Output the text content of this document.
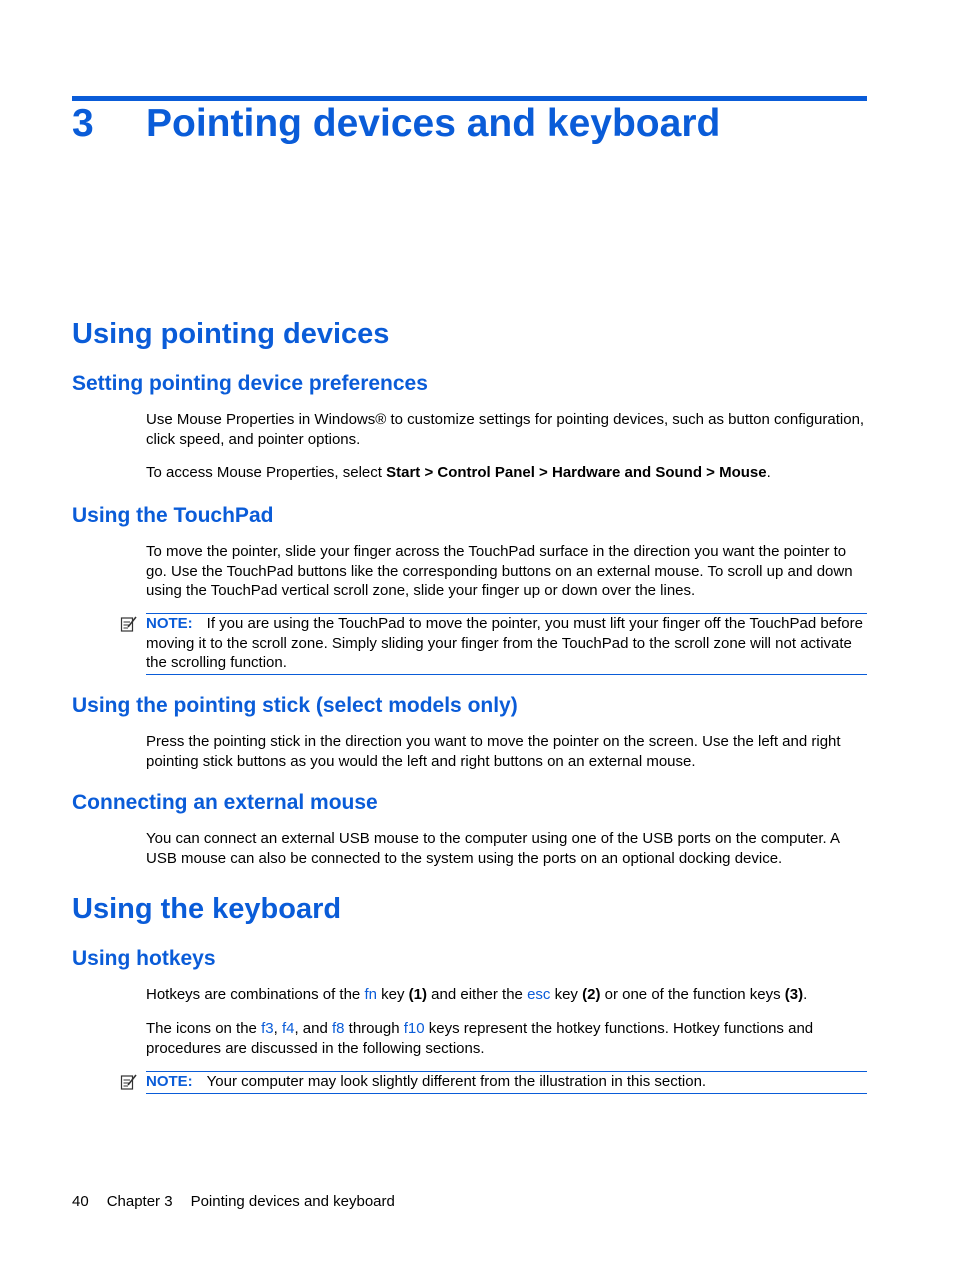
3 Pointing devices and keyboard
Using pointing devices
Setting pointing device preferences
Use Mouse Properties in Windows® to customize settings for pointing devices, such as button configuration, click speed, and pointer options.
To access Mouse Properties, select Start > Control Panel > Hardware and Sound > Mouse.
Using the TouchPad
To move the pointer, slide your finger across the TouchPad surface in the direction you want the pointer to go. Use the TouchPad buttons like the corresponding buttons on an external mouse. To scroll up and down using the TouchPad vertical scroll zone, slide your finger up or down over the lines.
NOTE: If you are using the TouchPad to move the pointer, you must lift your finger off the TouchPad before moving it to the scroll zone. Simply sliding your finger from the TouchPad to the scroll zone will not activate the scrolling function.
Using the pointing stick (select models only)
Press the pointing stick in the direction you want to move the pointer on the screen. Use the left and right pointing stick buttons as you would the left and right buttons on an external mouse.
Connecting an external mouse
You can connect an external USB mouse to the computer using one of the USB ports on the computer. A USB mouse can also be connected to the system using the ports on an optional docking device.
Using the keyboard
Using hotkeys
Hotkeys are combinations of the fn key (1) and either the esc key (2) or one of the function keys (3).
The icons on the f3, f4, and f8 through f10 keys represent the hotkey functions. Hotkey functions and procedures are discussed in the following sections.
NOTE: Your computer may look slightly different from the illustration in this section.
40 Chapter 3 Pointing devices and keyboard
